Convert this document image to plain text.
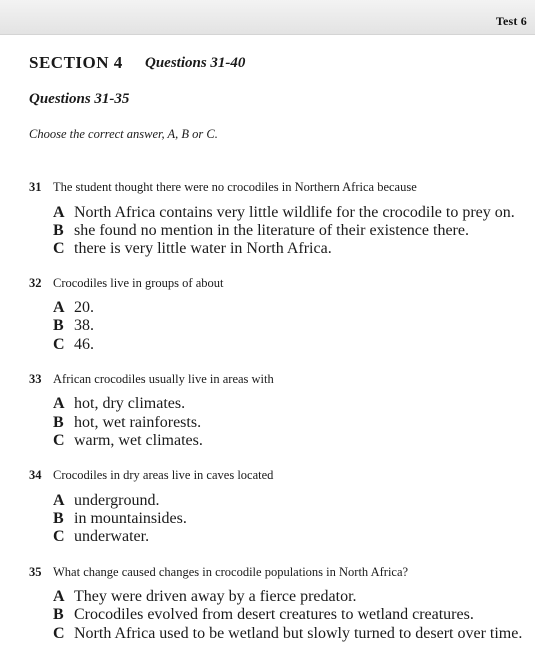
Test 6
SECTION 4 Questions 31-40
Questions 31-35
Choose the correct answer, A, B or C.
31 The student thought there were no crocodiles in Northern Africa because
A North Africa contains very little wildlife for the crocodile to prey on.
B she found no mention in the literature of their existence there.
C there is very little water in North Africa.
32 Crocodiles live in groups of about
A 20.
B 38.
C 46.
33 African crocodiles usually live in areas with
A hot, dry climates.
B hot, wet rainforests.
C warm, wet climates.
34 Crocodiles in dry areas live in caves located
A underground.
B in mountainsides.
C underwater.
35 What change caused changes in crocodile populations in North Africa?
A They were driven away by a fierce predator.
B Crocodiles evolved from desert creatures to wetland creatures.
C North Africa used to be wetland but slowly turned to desert over time.
